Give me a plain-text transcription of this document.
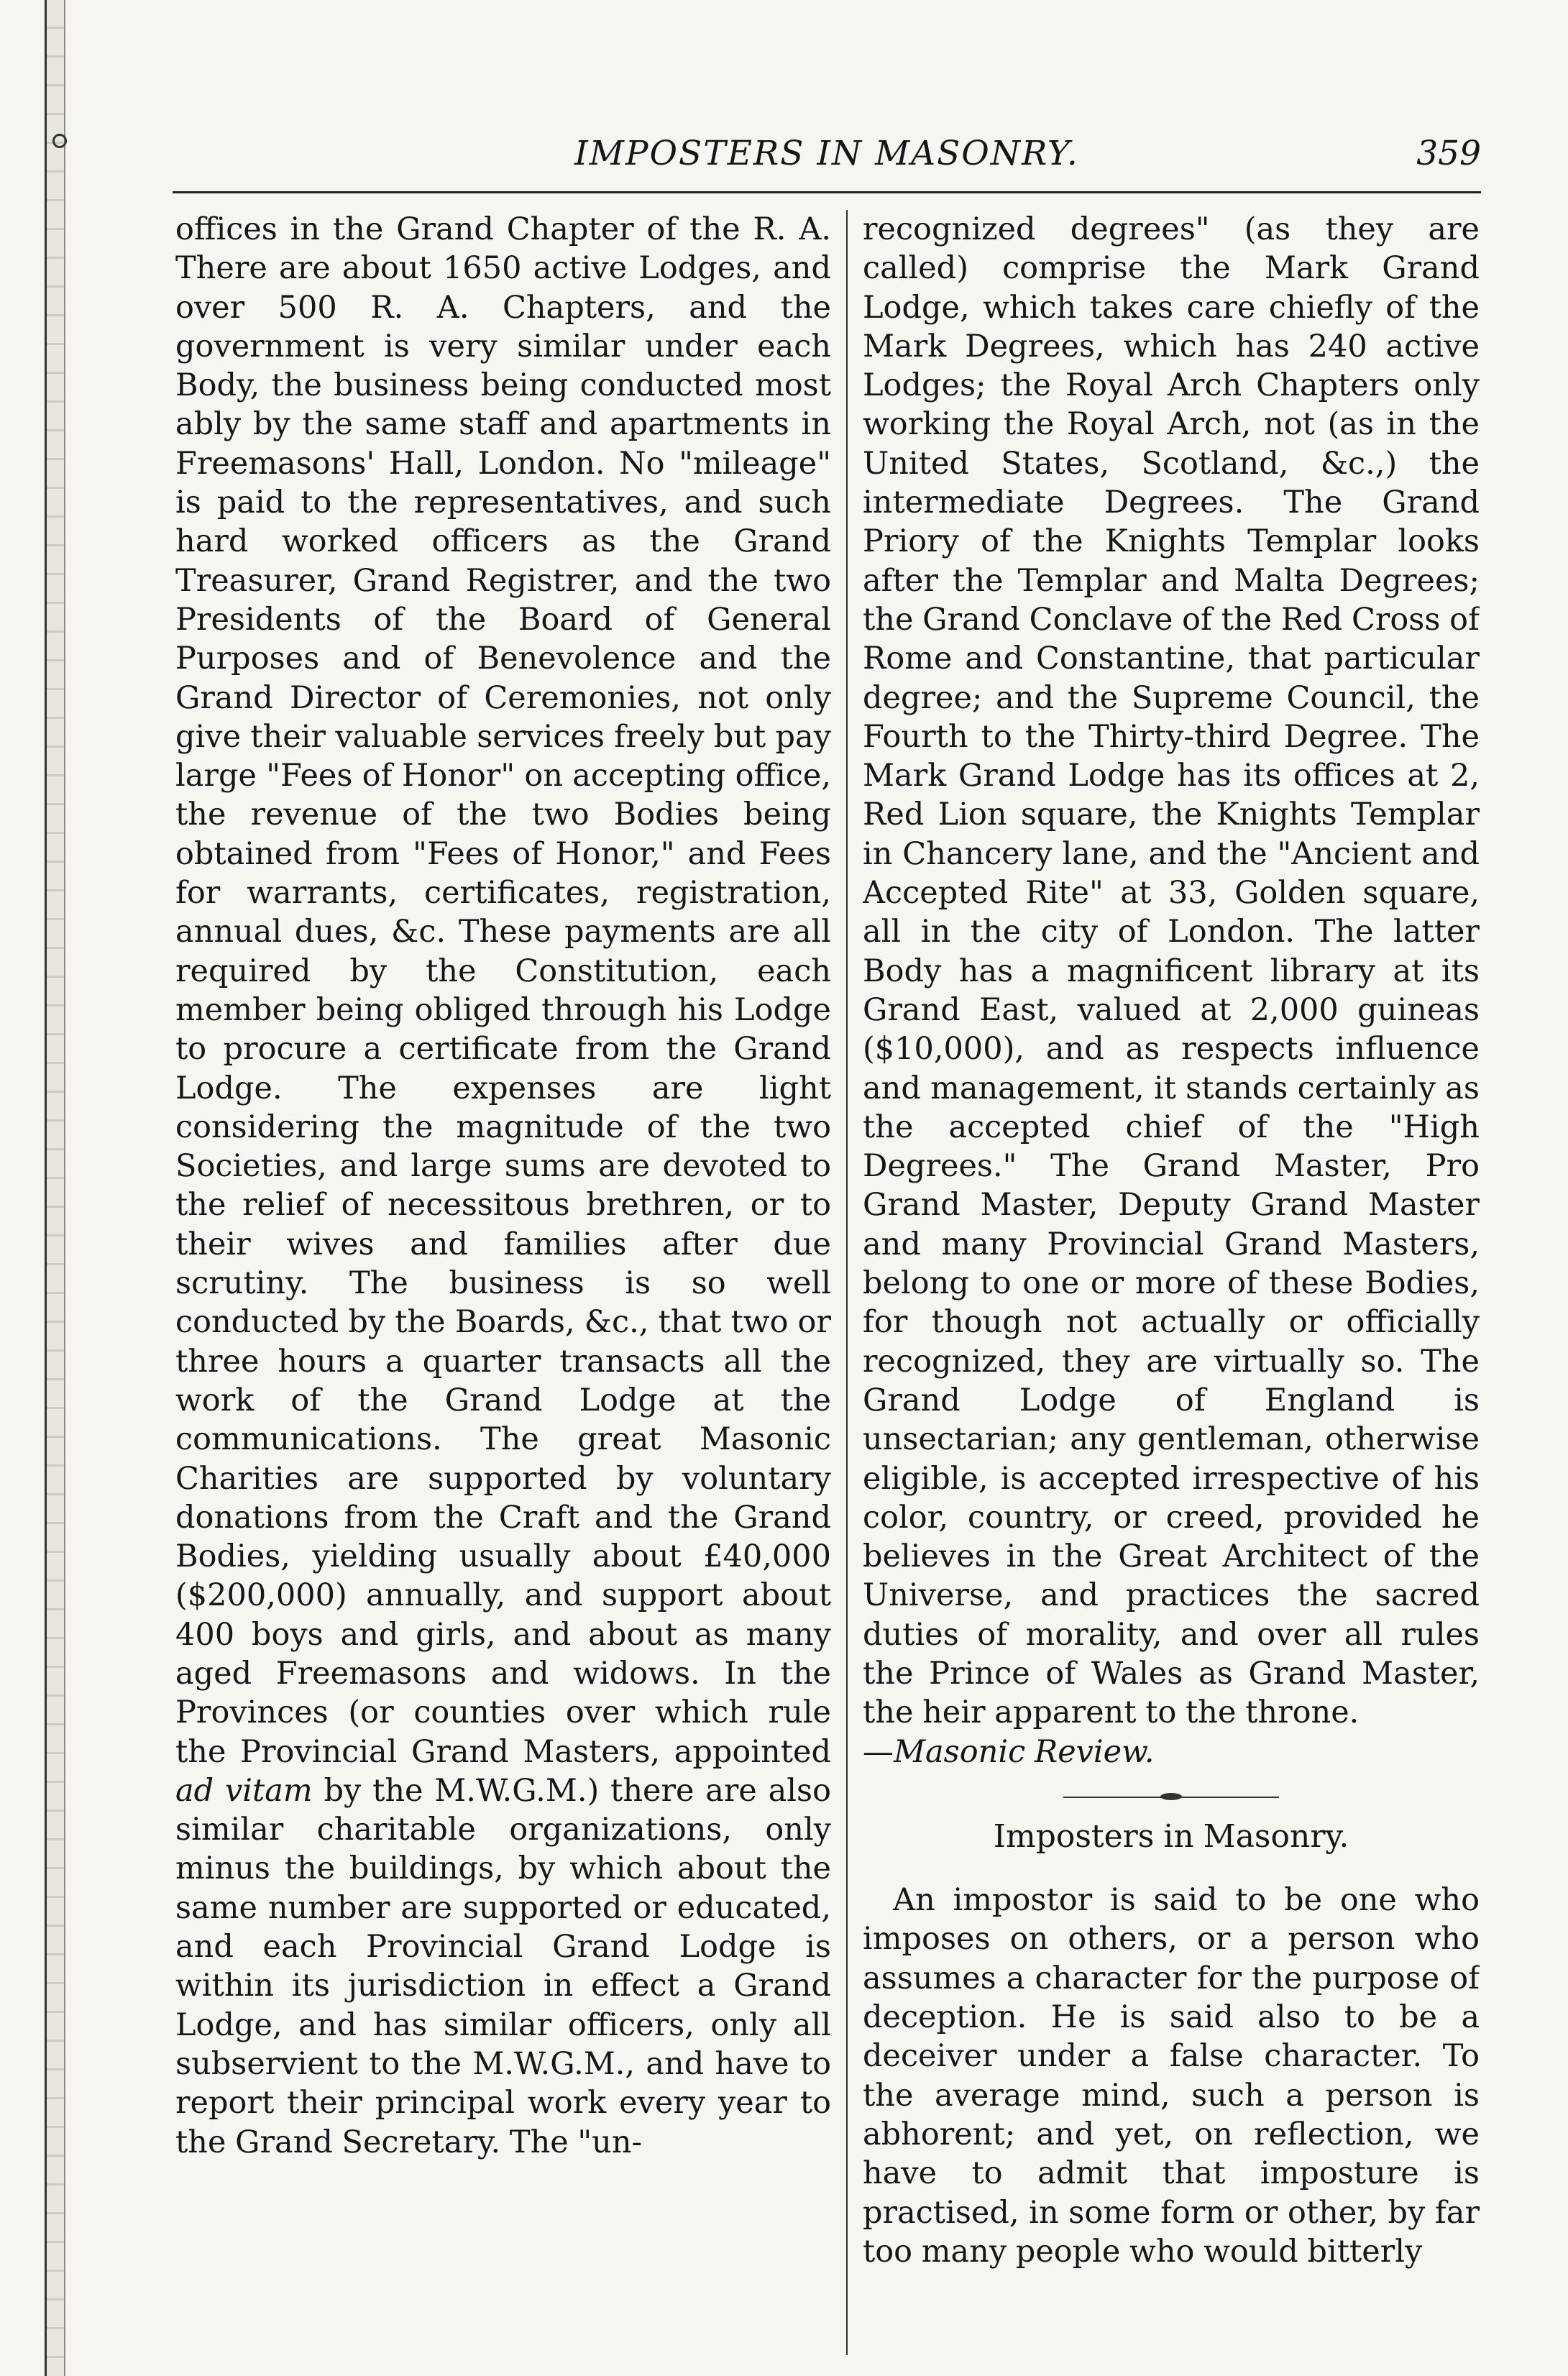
IMPOSTERS IN MASONRY.	359

offices in the Grand Chapter of the R. A. There are about 1650 active Lodges, and over 500 R. A. Chapters, and the government is very similar under each Body, the business being conducted most ably by the same staff and apartments in Freemasons' Hall, London. No "mileage" is paid to the representatives, and such hard worked officers as the Grand Treasurer, Grand Registrer, and the two Presidents of the Board of General Purposes and of Benevolence and the Grand Director of Ceremonies, not only give their valuable services freely but pay large "Fees of Honor" on accepting office, the revenue of the two Bodies being obtained from "Fees of Honor," and Fees for warrants, certificates, registration, annual dues, &c. These payments are all required by the Constitution, each member being obliged through his Lodge to procure a certificate from the Grand Lodge. The expenses are light considering the magnitude of the two Societies, and large sums are devoted to the relief of necessitous brethren, or to their wives and families after due scrutiny. The business is so well conducted by the Boards, &c., that two or three hours a quarter transacts all the work of the Grand Lodge at the communications. The great Masonic Charities are supported by voluntary donations from the Craft and the Grand Bodies, yielding usually about £40,000 ($200,000) annually, and support about 400 boys and girls, and about as many aged Freemasons and widows. In the Provinces (or counties over which rule the Provincial Grand Masters, appointed ad vitam by the M.W.G.M.) there are also similar charitable organizations, only minus the buildings, by which about the same number are supported or educated, and each Provincial Grand Lodge is within its jurisdiction in effect a Grand Lodge, and has similar officers, only all subservient to the M.W.G.M., and have to report their principal work every year to the Grand Secretary. The "un-

recognized degrees" (as they are called) comprise the Mark Grand Lodge, which takes care chiefly of the Mark Degrees, which has 240 active Lodges; the Royal Arch Chapters only working the Royal Arch, not (as in the United States, Scotland, &c.,) the intermediate Degrees. The Grand Priory of the Knights Templar looks after the Templar and Malta Degrees; the Grand Conclave of the Red Cross of Rome and Constantine, that particular degree; and the Supreme Council, the Fourth to the Thirty-third Degree. The Mark Grand Lodge has its offices at 2, Red Lion square, the Knights Templar in Chancery lane, and the "Ancient and Accepted Rite" at 33, Golden square, all in the city of London. The latter Body has a magnificent library at its Grand East, valued at 2,000 guineas ($10,000), and as respects influence and management, it stands certainly as the accepted chief of the "High Degrees." The Grand Master, Pro Grand Master, Deputy Grand Master and many Provincial Grand Masters, belong to one or more of these Bodies, for though not actually or officially recognized, they are virtually so. The Grand Lodge of England is unsectarian; any gentleman, otherwise eligible, is accepted irrespective of his color, country, or creed, provided he believes in the Great Architect of the Universe, and practices the sacred duties of morality, and over all rules the Prince of Wales as Grand Master, the heir apparent to the throne.
—Masonic Review.

Imposters in Masonry.

An impostor is said to be one who imposes on others, or a person who assumes a character for the purpose of deception. He is said also to be a deceiver under a false character. To the average mind, such a person is abhorent; and yet, on reflection, we have to admit that imposture is practised, in some form or other, by far too many people who would bitterly
